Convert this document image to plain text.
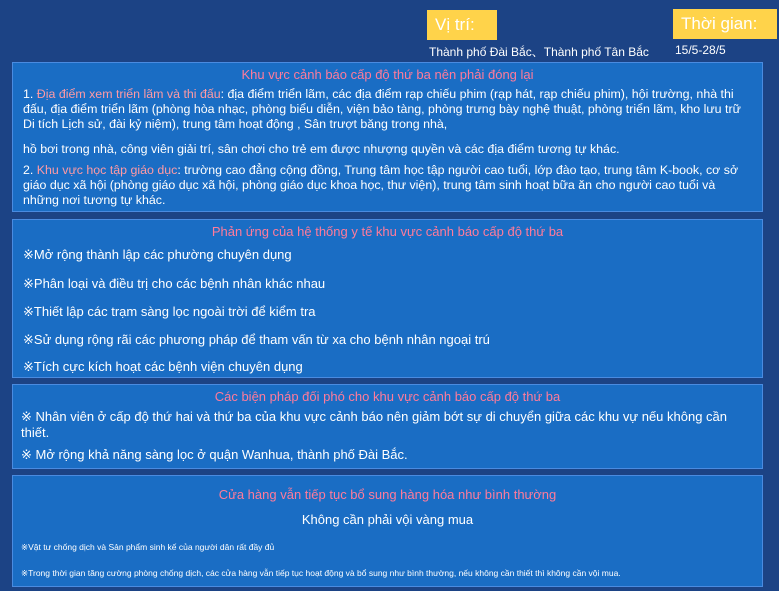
Vị trí:	Thời gian:
Thành phố Đài Bắc、Thành phố Tân Bắc 15/5-28/5
Khu vực cảnh báo cấp độ thứ ba nên phải đóng lại
1. Địa điểm xem triển lãm và thi đấu: địa điểm triển lãm, các địa điểm rạp chiếu phim (rạp hát, rạp chiếu phim), hội trường, nhà thi đấu, địa điểm triển lãm (phòng hòa nhạc, phòng biểu diễn, viện bảo tàng, phòng trưng bày nghệ thuật, phòng triển lãm, kho lưu trữ Di tích Lịch sử, đài kỷ niệm), trung tâm hoạt động , Sân trượt băng trong nhà,
hồ bơi trong nhà, công viên giải trí, sân chơi cho trẻ em được nhượng quyền và các địa điểm tương tự khác.
2. Khu vực học tập giáo dục: trường cao đẳng cộng đồng, Trung tâm học tập người cao tuổi, lớp đào tạo, trung tâm K-book, cơ sở giáo dục xã hội (phòng giáo dục xã hội, phòng giáo dục khoa học, thư viện), trung tâm sinh hoạt bữa ăn cho người cao tuổi và những nơi tương tự khác.
Phản ứng của hệ thống y tế khu vực cảnh báo cấp độ thứ ba
※Mở rộng thành lập các phường chuyên dụng
※Phân loại và điều trị cho các bệnh nhân khác nhau
※Thiết lập các trạm sàng lọc ngoài trời để kiểm tra
※Sử dụng rộng rãi các phương pháp để tham vấn từ xa cho bệnh nhân ngoại trú
※Tích cực kích hoạt các bệnh viện chuyên dụng
Các biện pháp đối phó cho khu vực cảnh báo cấp độ thứ ba
※ Nhân viên ở cấp độ thứ hai và thứ ba của khu vực cảnh báo nên giảm bớt sự di chuyển giữa các khu vự nếu không cần thiết.
※ Mở rộng khả năng sàng lọc ở quận Wanhua, thành phố Đài Bắc.
Cửa hàng vẫn tiếp tục bổ sung hàng hóa như bình thường
Không cần phải vội vàng mua
※Vật tư chống dịch và Sản phẩm sinh kế của người dân rất đầy đủ
※Trong thời gian tăng cường phòng chống dịch, các cửa hàng vẫn tiếp tục hoạt động và bổ sung như bình thường, nếu không cần thiết thì không cần vội mua.
